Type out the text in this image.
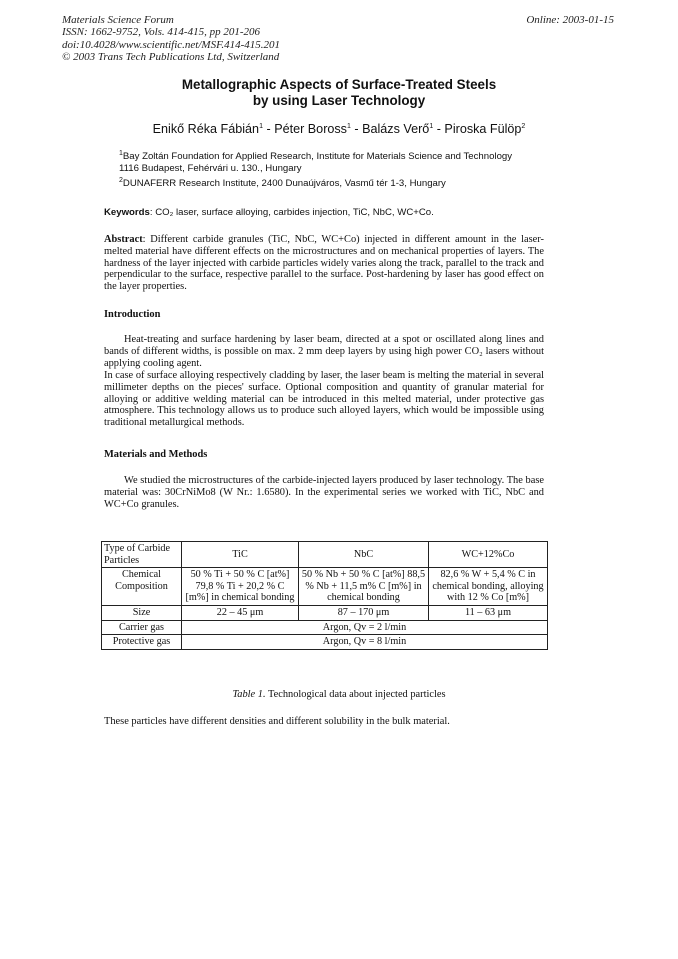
Materials Science Forum
ISSN: 1662-9752, Vols. 414-415, pp 201-206
doi:10.4028/www.scientific.net/MSF.414-415.201
© 2003 Trans Tech Publications Ltd, Switzerland
Online: 2003-01-15
Metallographic Aspects of Surface-Treated Steels
by using Laser Technology
Enikő Réka Fábián$^1$ - Péter Boross$^1$ - Balázs Verő$^1$ - Piroska Fülöp$^2$
$^1$Bay Zoltán Foundation for Applied Research, Institute for Materials Science and Technology
1116 Budapest, Fehérvári u. 130., Hungary
$^2$DUNAFERR Research Institute, 2400 Dunaújváros, Vasmű tér 1-3, Hungary
Keywords: CO₂ laser, surface alloying, carbides injection, TiC, NbC, WC+Co.
Abstract: Different carbide granules (TiC, NbC, WC+Co) injected in different amount in the laser-melted material have different effects on the microstructures and on mechanical properties of layers. The hardness of the layer injected with carbide particles widely varies along the track, parallel to the track and perpendicular to the surface, respective parallel to the surface. Post-hardening by laser has good effect on the layer properties.
Introduction
Heat-treating and surface hardening by laser beam, directed at a spot or oscillated along lines and bands of different widths, is possible on max. 2 mm deep layers by using high power CO₂ lasers without applying cooling agent.
In case of surface alloying respectively cladding by laser, the laser beam is melting the material in several millimeter depths on the pieces' surface. Optional composition and quantity of granular material for alloying or additive welding material can be introduced in this melted material, under protective gas atmosphere. This technology allows us to produce such alloyed layers, which would be impossible using traditional metallurgical methods.
Materials and Methods
We studied the microstructures of the carbide-injected layers produced by laser technology. The base material was: 30CrNiMo8 (W Nr.: 1.6580). In the experimental series we worked with TiC, NbC and WC+Co granules.
Type of Carbide Particles	TiC	NbC	WC+12%Co
Chemical Composition	50 % Ti + 50 % C [at%] 79,8 % Ti + 20,2 % C [m%] in chemical bonding	50 % Nb + 50 % C [at%] 88,5 % Nb + 11,5 m% C [m%] in chemical bonding	82,6 % W + 5,4 % C in chemical bonding, alloying with 12 % Co [m%]
Size	22 – 45 μm	87 – 170 μm	11 – 63 μm
Carrier gas	Argon, Qv = 2 l/min		
Protective gas	Argon, Qv = 8 l/min		
Table 1. Technological data about injected particles
These particles have different densities and different solubility in the bulk material.
